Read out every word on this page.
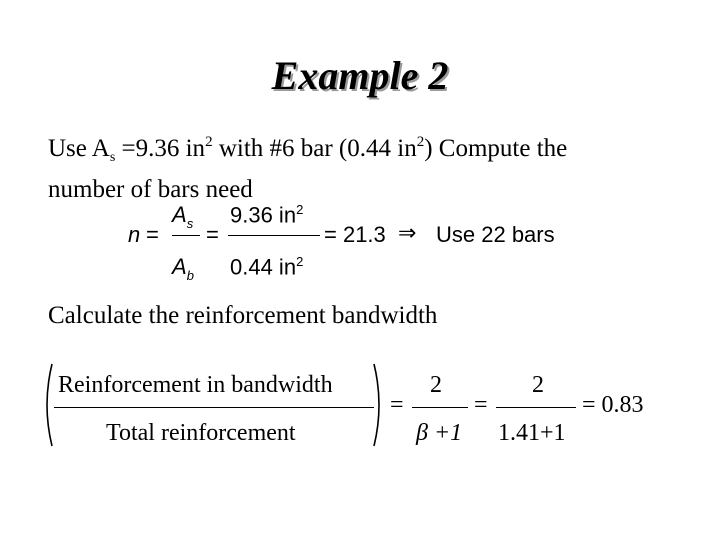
Example 2
Use $A_s =9.36$ $in^2$ with #6 bar (0.44 $in^2$) Compute the
number of bars need
n =
$A_s$
$A_b$
=
9.36 $in^2$
0.44 $in^2$
= 21.3 ⇒ Use 22 bars
Calculate the reinforcement bandwidth
Reinforcement in bandwidth
Total reinforcement
=
2
β +1
=
2
1.41+1
= 0.83
